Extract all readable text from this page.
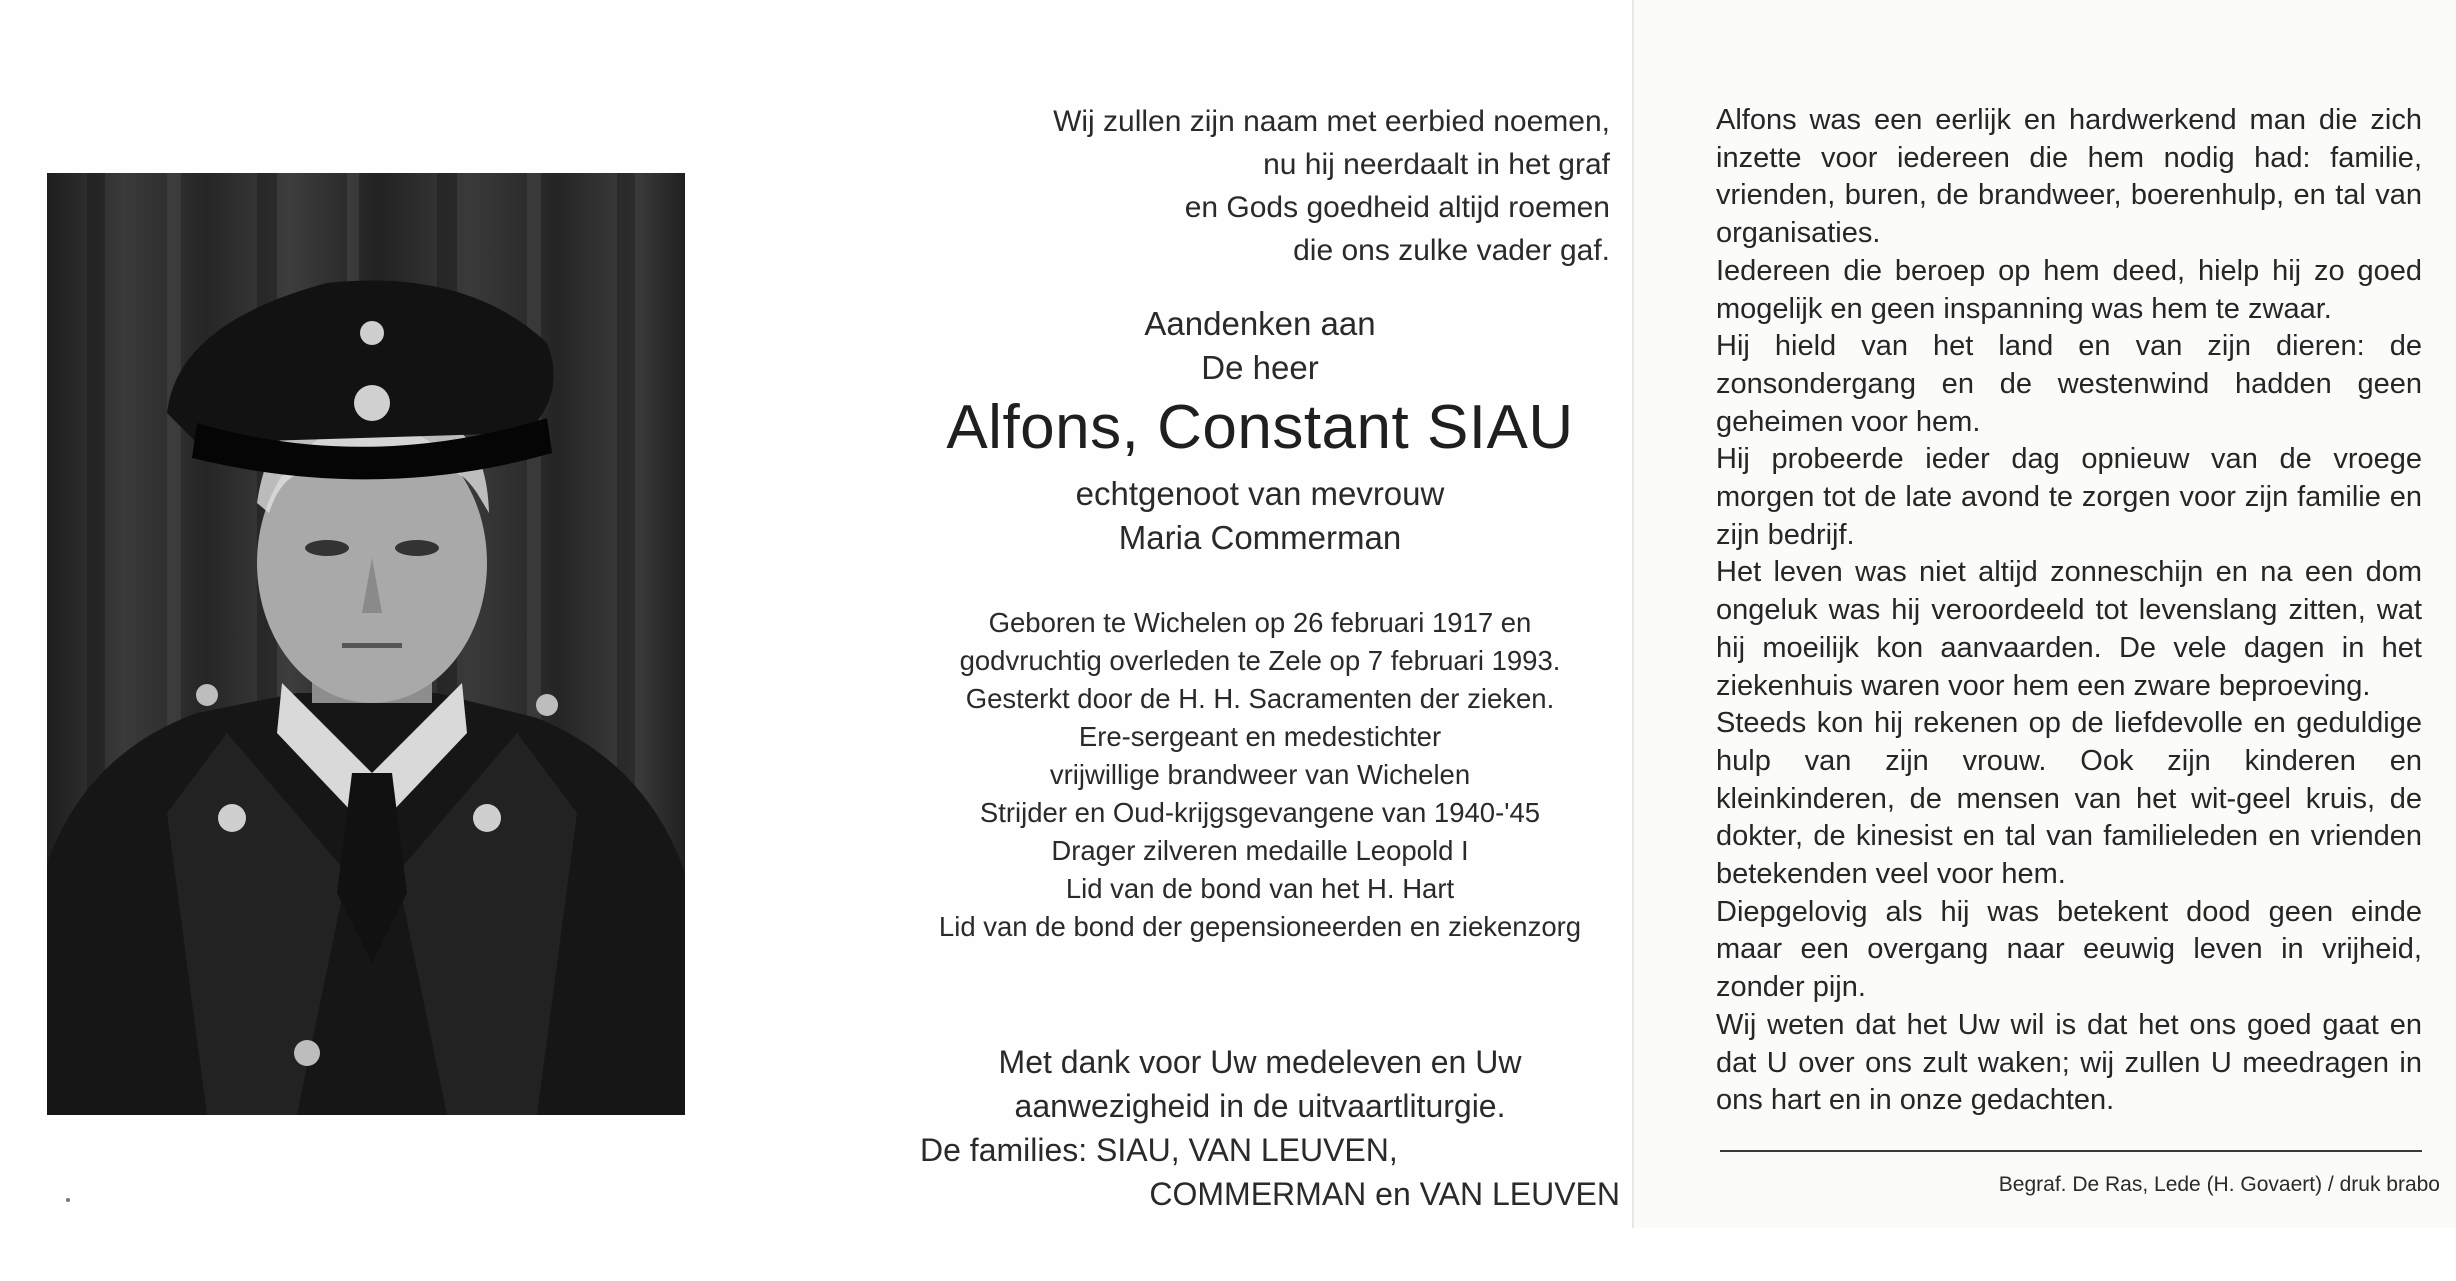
Wij zullen zijn naam met eerbied noemen,
nu hij neerdaalt in het graf
en Gods goedheid altijd roemen
die ons zulke vader gaf.
Aandenken aan
De heer
Alfons, Constant SIAU
echtgenoot van mevrouw
Maria Commerman
Geboren te Wichelen op 26 februari 1917 en
godvruchtig overleden te Zele op 7 februari 1993.
Gesterkt door de H. H. Sacramenten der zieken.
Ere-sergeant en medestichter
vrijwillige brandweer van Wichelen
Strijder en Oud-krijgsgevangene van 1940-'45
Drager zilveren medaille Leopold I
Lid van de bond van het H. Hart
Lid van de bond der gepensioneerden en ziekenzorg
Met dank voor Uw medeleven en Uw
aanwezigheid in de uitvaartliturgie.
De families: SIAU, VAN LEUVEN,
COMMERMAN en VAN LEUVEN

Alfons was een eerlijk en hardwerkend man die zich inzette voor iedereen die hem nodig had: familie, vrienden, buren, de brandweer, boerenhulp, en tal van organisaties.

Iedereen die beroep op hem deed, hielp hij zo goed mogelijk en geen inspanning was hem te zwaar.

Hij hield van het land en van zijn dieren: de zonsondergang en de westenwind hadden geen geheimen voor hem.

Hij probeerde ieder dag opnieuw van de vroege morgen tot de late avond te zorgen voor zijn familie en zijn bedrijf.

Het leven was niet altijd zonneschijn en na een dom ongeluk was hij veroordeeld tot levenslang zitten, wat hij moeilijk kon aanvaarden. De vele dagen in het ziekenhuis waren voor hem een zware beproeving.

Steeds kon hij rekenen op de liefdevolle en geduldige hulp van zijn vrouw. Ook zijn kinderen en kleinkinderen, de mensen van het wit-geel kruis, de dokter, de kinesist en tal van familieleden en vrienden betekenden veel voor hem.

Diepgelovig als hij was betekent dood geen einde maar een overgang naar eeuwig leven in vrijheid, zonder pijn.

Wij weten dat het Uw wil is dat het ons goed gaat en dat U over ons zult waken; wij zullen U meedragen in ons hart en in onze gedachten.

Begraf. De Ras, Lede (H. Govaert) / druk brabo
